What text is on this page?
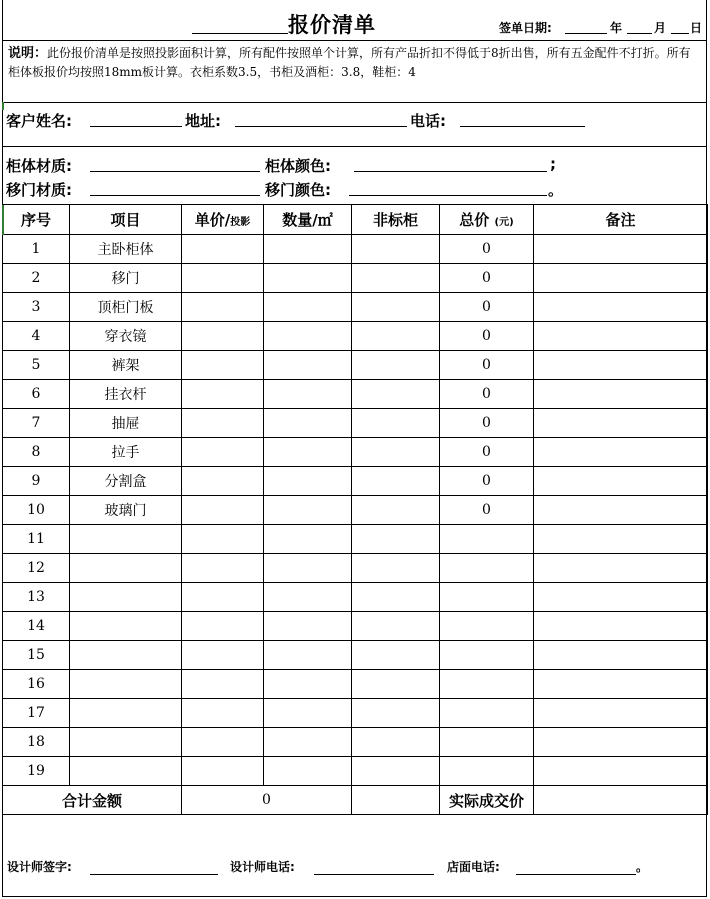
报价清单	签单日期:	年	月 日
说明：此份报价清单是按照投影面积计算，所有配件按照单个计算，所有产品折扣不得低于8折出售，所有五金配件不打折。所有柜体板报价均按照18mm板计算。衣柜系数3.5，书柜及酒柜：3.8，鞋柜：4
客户姓名:	地址:	电话:
柜体材质:	柜体颜色:	;
移门材质:	移门颜色:	。
序号	项目	单价/投影	数量/㎡	非标柜	总价 (元)	备注
1	主卧柜体				0	
2	移门				0	
3	顶柜门板				0	
4	穿衣镜				0	
5	裤架				0	
6	挂衣杆				0	
7	抽屉				0	
8	拉手				0	
9	分割盒				0	
10	玻璃门				0	
11						
12						
13						
14						
15						
16						
17						
18						
19						
合计金额		0			实际成交价	
设计师签字:	设计师电话:	店面电话:	。
